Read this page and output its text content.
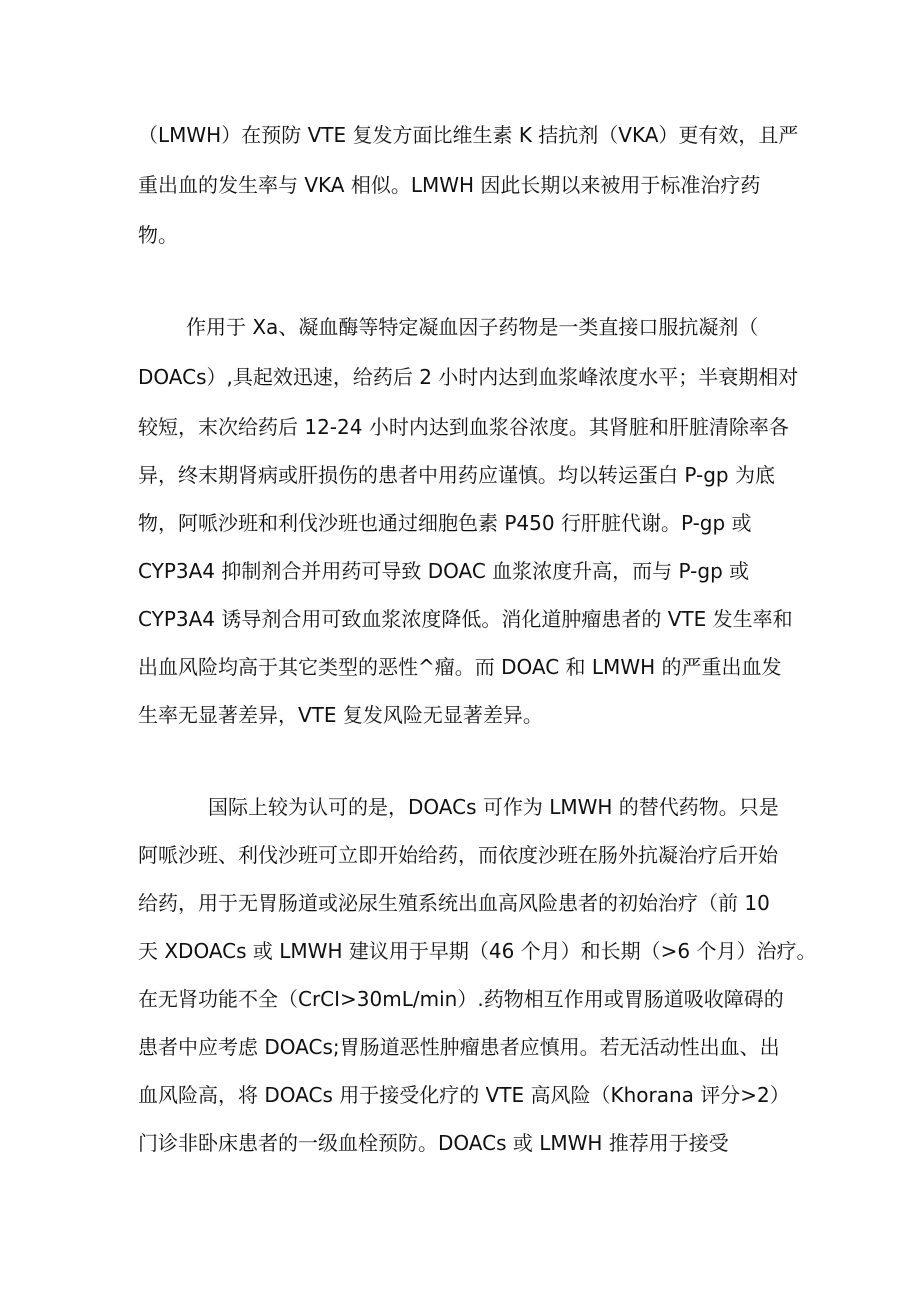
（LMWH）在预防 VTE 复发方面比维生素 K 拮抗剂（VKA）更有效，且严
重出血的发生率与 VKA 相似。LMWH 因此长期以来被用于标准治疗药
物。
作用于 Xa、凝血酶等特定凝血因子药物是一类直接口服抗凝剂（
DOACs）,具起效迅速，给药后 2 小时内达到血浆峰浓度水平；半衰期相对
较短，末次给药后 12-24 小时内达到血浆谷浓度。其肾脏和肝脏清除率各
异，终末期肾病或肝损伤的患者中用药应谨慎。均以转运蛋白 P-gp 为底
物，阿哌沙班和利伐沙班也通过细胞色素 P450 行肝脏代谢。P-gp 或
CYP3A4 抑制剂合并用药可导致 DOAC 血浆浓度升高，而与 P-gp 或
CYP3A4 诱导剂合用可致血浆浓度降低。消化道肿瘤患者的 VTE 发生率和
出血风险均高于其它类型的恶性^瘤。而 DOAC 和 LMWH 的严重出血发
生率无显著差异，VTE 复发风险无显著差异。
国际上较为认可的是，DOACs 可作为 LMWH 的替代药物。只是
阿哌沙班、利伐沙班可立即开始给药，而依度沙班在肠外抗凝治疗后开始
给药，用于无胃肠道或泌尿生殖系统出血高风险患者的初始治疗（前 10
天 XDOACs 或 LMWH 建议用于早期（46 个月）和长期（>6 个月）治疗。
在无肾功能不全（CrCI>30mL/min）.药物相互作用或胃肠道吸收障碍的
患者中应考虑 DOACs;胃肠道恶性肿瘤患者应慎用。若无活动性出血、出
血风险高，将 DOACs 用于接受化疗的 VTE 高风险（Khorana 评分>2）
门诊非卧床患者的一级血栓预防。DOACs 或 LMWH 推荐用于接受
